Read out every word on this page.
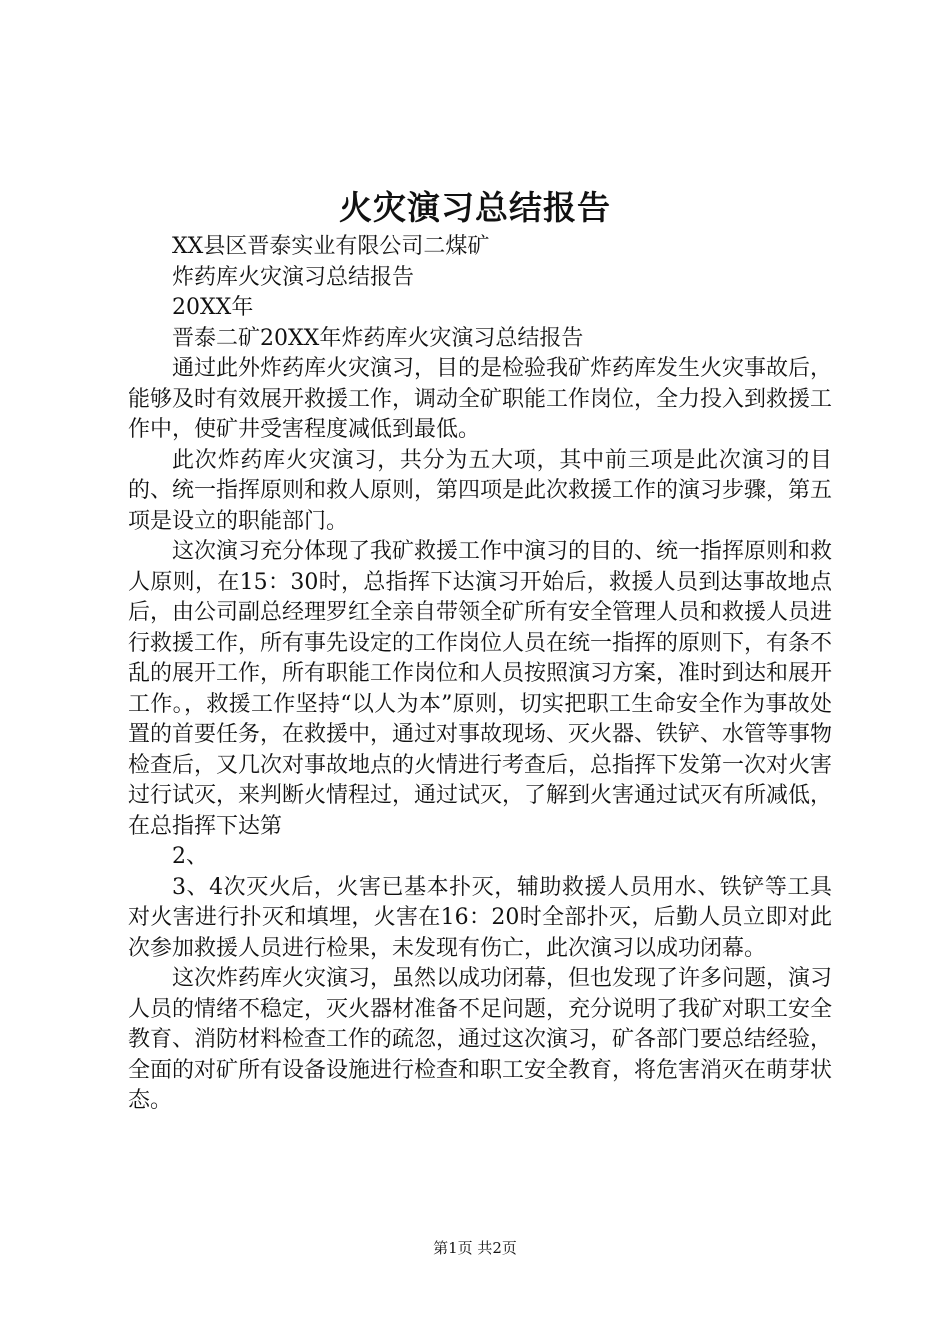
火灾演习总结报告

XX县区晋泰实业有限公司二煤矿

炸药库火灾演习总结报告

20XX年

晋泰二矿20XX年炸药库火灾演习总结报告

通过此外炸药库火灾演习，目的是检验我矿炸药库发生火灾事故后，能够及时有效展开救援工作，调动全矿职能工作岗位，全力投入到救援工作中，使矿井受害程度减低到最低。

此次炸药库火灾演习，共分为五大项，其中前三项是此次演习的目的、统一指挥原则和救人原则，第四项是此次救援工作的演习步骤，第五项是设立的职能部门。

这次演习充分体现了我矿救援工作中演习的目的、统一指挥原则和救人原则，在15：30时，总指挥下达演习开始后，救援人员到达事故地点后，由公司副总经理罗红全亲自带领全矿所有安全管理人员和救援人员进行救援工作，所有事先设定的工作岗位人员在统一指挥的原则下，有条不乱的展开工作，所有职能工作岗位和人员按照演习方案，准时到达和展开工作。，救援工作坚持“以人为本”原则，切实把职工生命安全作为事故处置的首要任务，在救援中，通过对事故现场、灭火器、铁铲、水管等事物检查后，又几次对事故地点的火情进行考查后，总指挥下发第一次对火害过行试灭，来判断火情程过，通过试灭，了解到火害通过试灭有所减低，在总指挥下达第

2、

3、4次灭火后，火害已基本扑灭，辅助救援人员用水、铁铲等工具对火害进行扑灭和填埋，火害在16：20时全部扑灭，后勤人员立即对此次参加救援人员进行检果，未发现有伤亡，此次演习以成功闭幕。

这次炸药库火灾演习，虽然以成功闭幕，但也发现了许多问题，演习人员的情绪不稳定，灭火器材准备不足问题，充分说明了我矿对职工安全教育、消防材料检查工作的疏忽，通过这次演习，矿各部门要总结经验，全面的对矿所有设备设施进行检查和职工安全教育，将危害消灭在萌芽状态。

第1页 共2页
